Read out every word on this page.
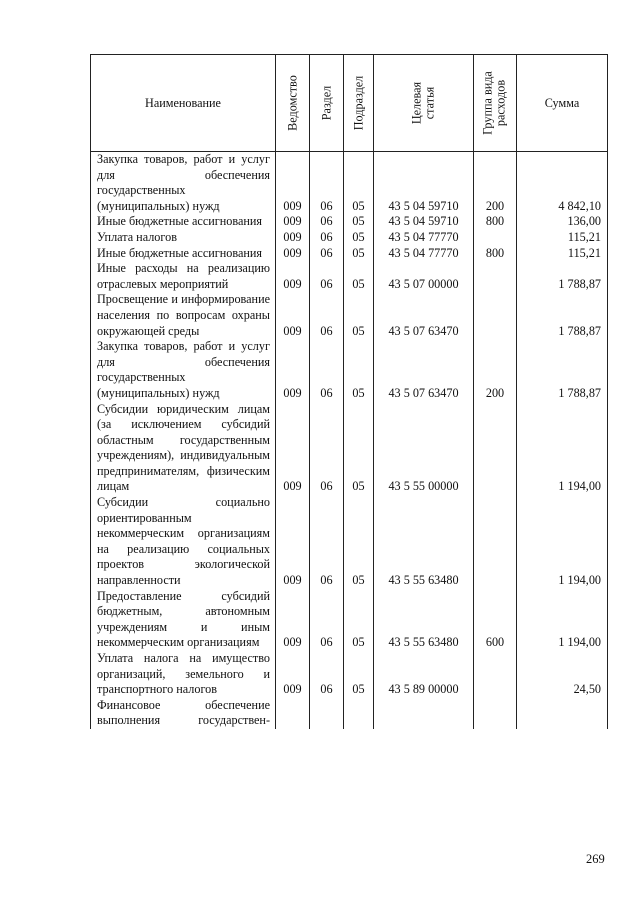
Наименование	Ведомство	Раздел	Подраздел	Целевая статья	Группа вида расходов	Сумма

Закупка товаров, работ и услуг для обеспечения государственных (муниципальных) нужд	009	06	05	43 5 04 59710	200	4 842,10
Иные бюджетные ассигнования	009	06	05	43 5 04 59710	800	136,00
Уплата налогов	009	06	05	43 5 04 77770		115,21
Иные бюджетные ассигнования	009	06	05	43 5 04 77770	800	115,21
Иные расходы на реализацию отраслевых мероприятий	009	06	05	43 5 07 00000		1 788,87
Просвещение и информирование населения по вопросам охраны окружающей среды	009	06	05	43 5 07 63470		1 788,87
Закупка товаров, работ и услуг для обеспечения государственных (муниципальных) нужд	009	06	05	43 5 07 63470	200	1 788,87
Субсидии юридическим лицам (за исключением субсидий областным государственным учреждениям), индивидуальным предпринимателям, физическим лицам	009	06	05	43 5 55 00000		1 194,00
Субсидии социально ориентированным некоммерческим организациям на реализацию социальных проектов экологической направленности	009	06	05	43 5 55 63480		1 194,00
Предоставление субсидий бюджетным, автономным учреждениям и иным некоммерческим организациям	009	06	05	43 5 55 63480	600	1 194,00
Уплата налога на имущество организаций, земельного и транспортного налогов	009	06	05	43 5 89 00000		24,50
Финансовое обеспечение выполнения государствен-						
269
